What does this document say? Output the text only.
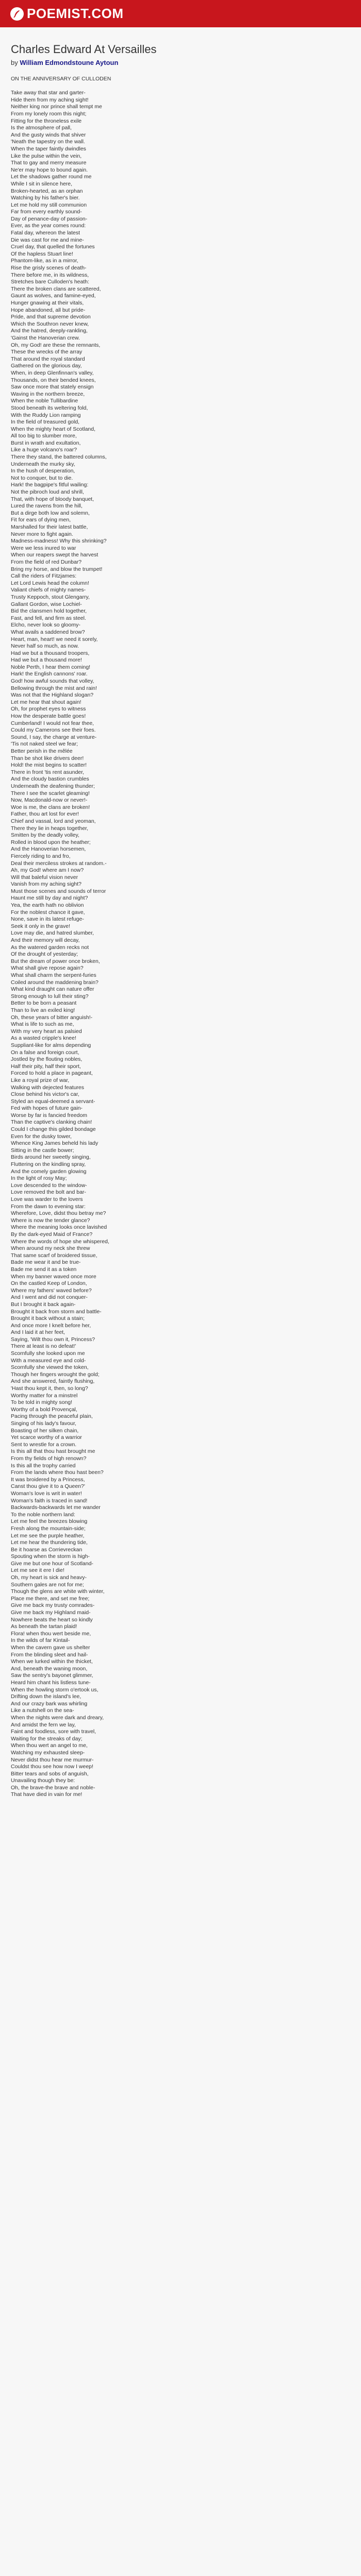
POEMIST.COM
Charles Edward At Versailles
by William Edmondstoune Aytoun
ON THE ANNIVERSARY OF CULLODEN
Take away that star and garter-
Hide them from my aching sight!
Neither king nor prince shall tempt me
From my lonely room this night;
Fitting for the throneless exile
Is the atmosphere of pall,
And the gusty winds that shiver
'Neath the tapestry on the wall.
When the taper faintly dwindles
Like the pulse within the vein,
That to gay and merry measure
Ne'er may hope to bound again.
Let the shadows gather round me
While I sit in silence here,
Broken-hearted, as an orphan
Watching by his father's bier.
Let me hold my still communion
Far from every earthly sound-
Day of penance-day of passion-
Ever, as the year comes round:
Fatal day, whereon the latest
Die was cast for me and mine-
Cruel day, that quelled the fortunes
Of the hapless Stuart line!
Phantom-like, as in a mirror,
Rise the grisly scenes of death-
There before me, in its wildness,
Stretches bare Culloden's heath:
There the broken clans are scattered,
Gaunt as wolves, and famine-eyed,
Hunger gnawing at their vitals,
Hope abandoned, all but pride-
Pride, and that supreme devotion
Which the Southron never knew,
And the hatred, deeply-rankling,
'Gainst the Hanoverian crew.
Oh, my God! are these the remnants,
These the wrecks of the array
That around the royal standard
Gathered on the glorious day,
When, in deep Glenfinnan's valley,
Thousands, on their bended knees,
Saw once more that stately ensign
Waving in the northern breeze,
When the noble Tullibardine
Stood beneath its weltering fold,
With the Ruddy Lion ramping
In the field of treasured gold,
When the mighty heart of Scotland,
All too big to slumber more,
Burst in wrath and exultation,
Like a huge volcano's roar?
There they stand, the battered columns,
Underneath the murky sky,
In the hush of desperation,
Not to conquer, but to die.
Hark! the bagpipe's fitful wailing:
Not the pibroch loud and shrill,
That, with hope of bloody banquet,
Lured the ravens from the hill,
But a dirge both low and solemn,
Fit for ears of dying men,
Marshalled for their latest battle,
Never more to fight again.
Madness-madness! Why this shrinking?
Were we less inured to war
When our reapers swept the harvest
From the field of red Dunbar?
Bring my horse, and blow the trumpet!
Call the riders of Fitzjames:
Let Lord Lewis head the column!
Valiant chiefs of mighty names-
Trusty Keppoch, stout Glengarry,
Gallant Gordon, wise Lochiel-
Bid the clansmen hold together,
Fast, and fell, and firm as steel.
Elcho, never look so gloomy-
What avails a saddened brow?
Heart, man, heart! we need it sorely,
Never half so much, as now.
Had we but a thousand troopers,
Had we but a thousand more!
Noble Perth, I hear them coming!
Hark! the English cannons' roar.
God! how awful sounds that volley,
Bellowing through the mist and rain!
Was not that the Highland slogan?
Let me hear that shout again!
Oh, for prophet eyes to witness
How the desperate battle goes!
Cumberland! I would not fear thee,
Could my Camerons see their foes.
Sound, I say, the charge at venture-
'Tis not naked steel we fear;
Better perish in the mêlée
Than be shot like drivers deer!
Hold! the mist begins to scatter!
There in front 'tis rent asunder,
And the cloudy bastion crumbles
Underneath the deafening thunder;
There I see the scarlet gleaming!
Now, Macdonald-now or never!-
Woe is me, the clans are broken!
Father, thou art lost for ever!
Chief and vassal, lord and yeoman,
There they lie in heaps together,
Smitten by the deadly volley,
Rolled in blood upon the heather;
And the Hanoverian horsemen,
Fiercely riding to and fro,
Deal their merciless strokes at random.-
Ah, my God! where am I now?
Will that baleful vision never
Vanish from my aching sight?
Must those scenes and sounds of terror
Haunt me still by day and night?
Yea, the earth hath no oblivion
For the noblest chance it gave,
None, save in its latest refuge-
Seek it only in the grave!
Love may die, and hatred slumber,
And their memory will decay,
As the watered garden recks not
Of the drought of yesterday;
But the dream of power once broken,
What shall give repose again?
What shall charm the serpent-furies
Coiled around the maddening brain?
What kind draught can nature offer
Strong enough to lull their sting?
Better to be born a peasant
Than to live an exiled king!
Oh, these years of bitter anguish!-
What is life to such as me,
With my very heart as palsied
As a wasted cripple's knee!
Suppliant-like for alms depending
On a false and foreign court,
Jostled by the flouting nobles,
Half their pity, half their sport,
Forced to hold a place in pageant,
Like a royal prize of war,
Walking with dejected features
Close behind his victor's car,
Styled an equal-deemed a servant-
Fed with hopes of future gain-
Worse by far is fancied freedom
Than the captive's clanking chain!
Could I change this gilded bondage
Even for the dusky tower,
Whence King James beheld his lady
Sitting in the castle bower;
Birds around her sweetly singing,
Fluttering on the kindling spray,
And the comely garden glowing
In the light of rosy May;
Love descended to the window-
Love removed the bolt and bar-
Love was warder to the lovers
From the dawn to evening star:
Wherefore, Love, didst thou betray me?
Where is now the tender glance?
Where the meaning looks once lavished
By the dark-eyed Maid of France?
Where the words of hope she whispered,
When around my neck she threw
That same scarf of broidered tissue,
Bade me wear it and be true-
Bade me send it as a token
When my banner waved once more
On the castled Keep of London,
Where my fathers' waved before?
And I went and did not conquer-
But I brought it back again-
Brought it back from storm and battle-
Brought it back without a stain;
And once more I knelt before her,
And I laid it at her feet,
Saying, 'Wilt thou own it, Princess?
There at least is no defeat!'
Scornfully she looked upon me
With a measured eye and cold-
Scornfully she viewed the token,
Though her fingers wrought the gold;
And she answered, faintly flushing,
'Hast thou kept it, then, so long?
Worthy matter for a minstrel
To be told in mighty song!
Worthy of a bold Provençal,
Pacing through the peaceful plain,
Singing of his lady's favour,
Boasting of her silken chain,
Yet scarce worthy of a warrior
Sent to wrestle for a crown.
Is this all that thou hast brought me
From thy fields of high renown?
Is this all the trophy carried
From the lands where thou hast been?
It was broidered by a Princess,
Canst thou give it to a Queen?'
Woman's love is writ in water!
Woman's faith is traced in sand!
Backwards-backwards let me wander
To the noble northern land:
Let me feel the breezes blowing
Fresh along the mountain-side;
Let me see the purple heather,
Let me hear the thundering tide,
Be it hoarse as Corrievreckan
Spouting when the storm is high-
Give me but one hour of Scotland-
Let me see it ere I die!
Oh, my heart is sick and heavy-
Southern gales are not for me;
Though the glens are white with winter,
Place me there, and set me free;
Give me back my trusty comrades-
Give me back my Highland maid-
Nowhere beats the heart so kindly
As beneath the tartan plaid!
Flora! when thou wert beside me,
In the wilds of far Kintail-
When the cavern gave us shelter
From the blinding sleet and hail-
When we lurked within the thicket,
And, beneath the waning moon,
Saw the sentry's bayonet glimmer,
Heard him chant his listless tune-
When the howling storm o'ertook us,
Drifting down the island's lee,
And our crazy bark was whirling
Like a nutshell on the sea-
When the nights were dark and dreary,
And amidst the fern we lay,
Faint and foodless, sore with travel,
Waiting for the streaks of day;
When thou wert an angel to me,
Watching my exhausted sleep-
Never didst thou hear me murmur-
Couldst thou see how now I weep!
Bitter tears and sobs of anguish,
Unavailing though they be:
Oh, the brave-the brave and noble-
That have died in vain for me!
